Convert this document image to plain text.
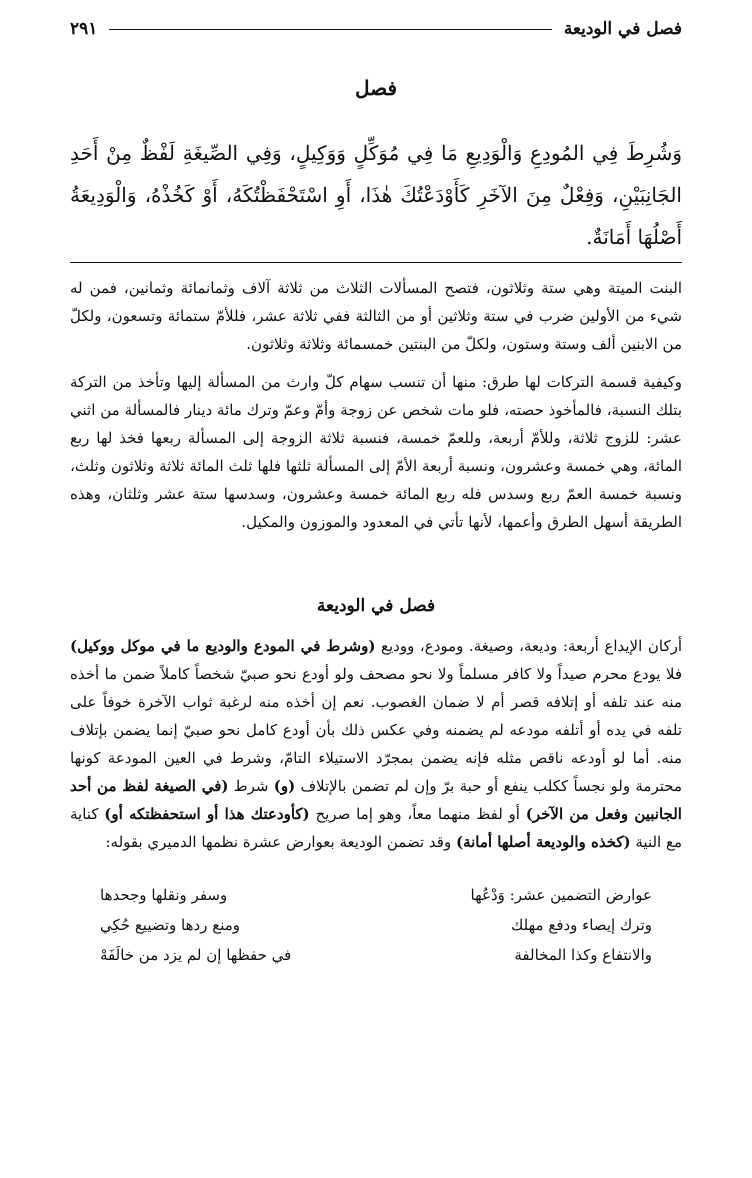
فصل في الوديعة
٢٩١
فصل
وَشُرِطَ فِي المُودِعِ وَالْوَدِيعِ مَا فِي مُوَكِّلٍ وَوَكِيلٍ، وَفِي الصِّيغَةِ لَفْظٌ مِنْ أَحَدِ الجَانِبَيْنِ، وَفِعْلٌ مِنَ الآخَرِ كَأَوْدَعْتُكَ هٰذَا، أَوِ اسْتَحْفَظْتُكَهُ، أَوْ كَخُذْهُ، وَالْوَدِيعَةُ أَصْلُهَا أَمَانَةٌ.

البنت الميتة وهي ستة وثلاثون، فتصح المسألات الثلاث من ثلاثة آلاف وثمانمائة وثمانين، فمن له شيء من الأولين ضرب في ستة وثلاثين أو من الثالثة ففي ثلاثة عشر، فللأمّ ستمائة وتسعون، ولكلّ من الابنين ألف وستة وستون، ولكلّ من البنتين خمسمائة وثلاثة وثلاثون.

وكيفية قسمة التركات لها طرق: منها أن تنسب سهام كلّ وارث من المسألة إليها وتأخذ من التركة بتلك النسبة، فالمأخوذ حصته، فلو مات شخص عن زوجة وأمّ وعمّ وترك مائة دينار فالمسألة من اثني عشر: للزوج ثلاثة، وللأمّ أربعة، وللعمّ خمسة، فنسبة ثلاثة الزوجة إلى المسألة ربعها فخذ لها ربع المائة، وهي خمسة وعشرون، ونسبة أربعة الأمّ إلى المسألة ثلثها فلها ثلث المائة ثلاثة وثلاثون وثلث، ونسبة خمسة العمّ ربع وسدس فله ربع المائة خمسة وعشرون، وسدسها ستة عشر وثلثان، وهذه الطريقة أسهل الطرق وأعمها، لأنها تأتي في المعدود والموزون والمكيل.

فصل في الوديعة

أركان الإيداع أربعة: وديعة، وصيغة. ومودع، ووديع (وشرط في المودع والوديع ما في موكل ووكيل) فلا يودع محرم صيداً ولا كافر مسلماً ولا نحو مصحف ولو أودع نحو صبيّ شخصاً كاملاً ضمن ما أخذه منه عند تلفه أو إتلافه قصر أم لا ضمان الغصوب. نعم إن أخذه منه لرغبة ثواب الآخرة خوفاً على تلفه في يده أو أتلفه مودعه لم يضمنه وفي عكس ذلك بأن أودع كامل نحو صبيّ إنما يضمن بإتلاف منه. أما لو أودعه ناقص مثله فإنه يضمن بمجرّد الاستيلاء التامّ، وشرط في العين المودعة كونها محترمة ولو نجساً ككلب ينفع أو حبة برّ وإن لم تضمن بالإتلاف (و) شرط (في الصيغة لفظ من أحد الجانبين وفعل من الآخر) أو لفظ منهما معاً، وهو إما صريح (كأودعتك هذا أو استحفظتكه أو) كناية مع النية (كخذه والوديعة أصلها أمانة) وقد تضمن الوديعة بعوارض عشرة نظمها الدميري بقوله:

عوارض التضمين عشر: وَدْعُها
وسفر ونقلها وجحدها
وترك إيصاء ودفع مهلك
ومنع ردها وتضييع حُكِي
والانتفاع وكذا المخالفة
في حفظها إن لم يزد من خالَفَهْ
